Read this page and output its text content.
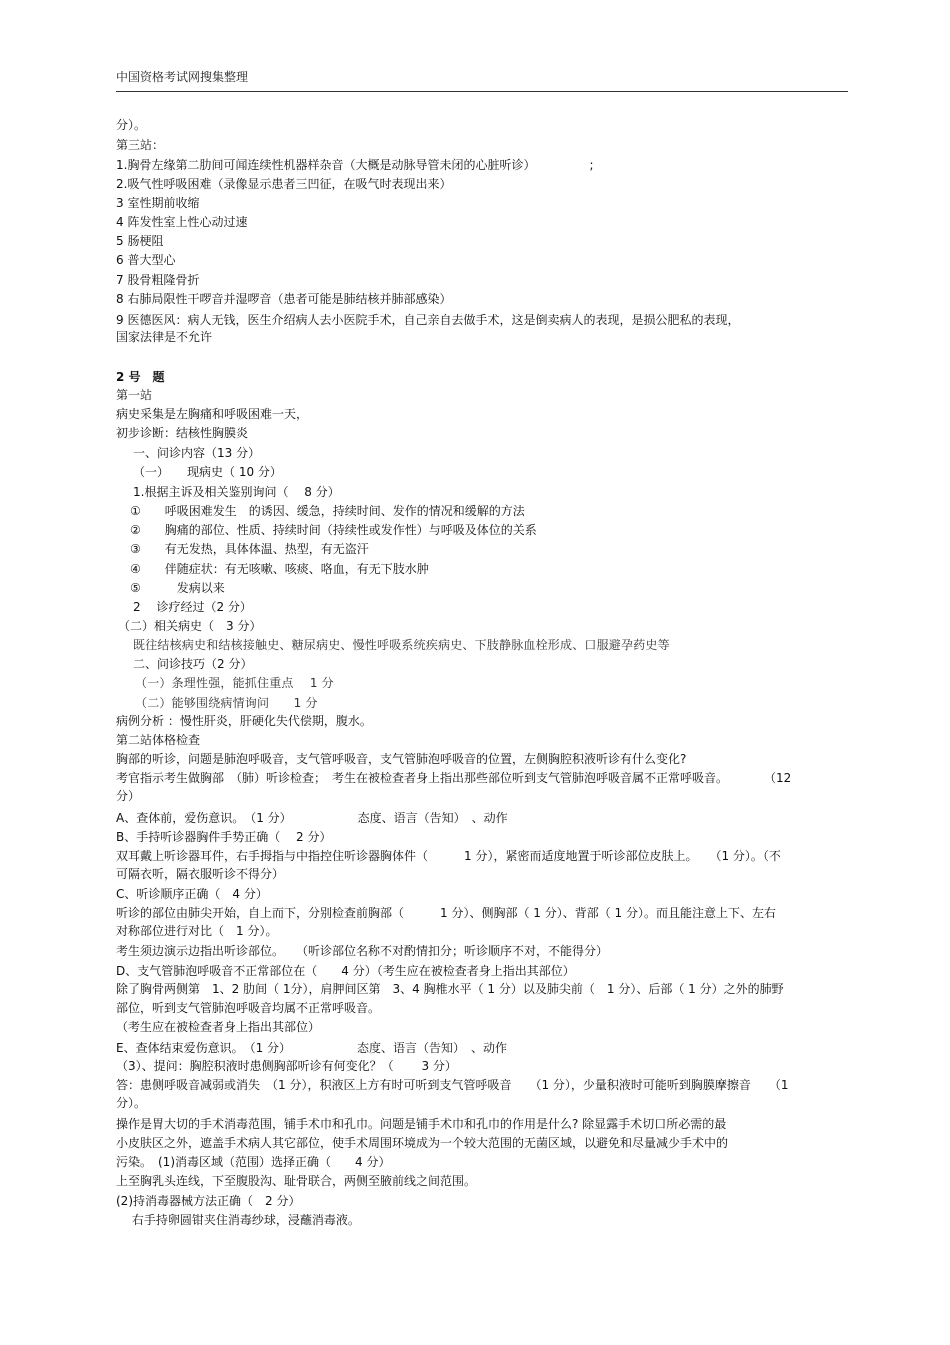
中国资格考试网搜集整理
分）。
第三站：
1.胸骨左缘第二肋间可闻连续性机器样杂音（大概是动脉导管未闭的心脏听诊）　　　　　;
2.吸气性呼吸困难（录像显示患者三凹征，在吸气时表现出来）
3 室性期前收缩
4 阵发性室上性心动过速
5 肠梗阻
6 普大型心
7 股骨粗隆骨折
8 右肺局限性干啰音并湿啰音（患者可能是肺结核并肺部感染）
9 医德医风：病人无钱，医生介绍病人去小医院手术，自己亲自去做手术，这是倒卖病人的表现，是损公肥私的表现，
国家法律是不允许
2 号　题
第一站
病史采集是左胸痛和呼吸困难一天，
初步诊断：结核性胸膜炎
一、问诊内容（13 分）
（一）　　现病史（ 10 分）
1.根据主诉及相关鉴别询问（　 8 分）
①　　呼吸困难发生　的诱因、缓急，持续时间、发作的情况和缓解的方法
②　　胸痛的部位、性质、持续时间（持续性或发作性）与呼吸及体位的关系
③　　有无发热，具体体温、热型，有无盗汗
④　　伴随症状：有无咳嗽、咳痰、咯血，有无下肢水肿
⑤　　　发病以来
2　 诊疗经过（2 分）
（二）相关病史（　3 分）
既往结核病史和结核接触史、糖尿病史、慢性呼吸系统疾病史、下肢静脉血栓形成、口服避孕药史等
二、问诊技巧（2 分）
（一）条理性强，能抓住重点　 1 分
（二）能够围绕病情询问　　1 分
病例分析 ：慢性肝炎，肝硬化失代偿期，腹水。
第二站体格检查
胸部的听诊，问题是肺泡呼吸音，支气管呼吸音，支气管肺泡呼吸音的位置，左侧胸腔积液听诊有什么变化?
考官指示考生做胸部　（肺）听诊检查；　考生在被检查者身上指出那些部位听到支气管肺泡呼吸音属不正常呼吸音。　　　　（12
分）
A、查体前，爱伤意识。　（1 分）　　　　　　态度、语言（告知）　、动作
B、手持听诊器胸件手势正确（　 2 分）
双耳戴上听诊器耳件，右手拇指与中指控住听诊器胸体件（　　　1 分），紧密而适度地置于听诊部位皮肤上。　　（1 分）。（不
可隔衣听，隔衣服听诊不得分）
C、听诊顺序正确（　4 分）
听诊的部位由肺尖开始，自上而下，分别检查前胸部（　　　1 分）、侧胸部（ 1 分）、背部（ 1 分）。而且能注意上下、左右
对称部位进行对比（　1 分）。
考生须边演示边指出听诊部位。　　（听诊部位名称不对酌情扣分；听诊顺序不对，不能得分）
D、支气管肺泡呼吸音不正常部位在（　　4 分）（考生应在被检查者身上指出其部位）
除了胸骨两侧第　1、2 肋间（ 1分），肩胛间区第　3、4 胸椎水平（ 1 分）以及肺尖前（　1 分）、后部（ 1 分）之外的肺野
部位，听到支气管肺泡呼吸音均属不正常呼吸音。
（考生应在被检查者身上指出其部位）
E、查体结束爱伤意识。　（1 分）　　　　　　态度、语言（告知）　、动作
（3）、提问：胸腔积液时患侧胸部听诊有何变化？（　　 3 分）
答：患侧呼吸音减弱或消失　（1 分），积液区上方有时可听到支气管呼吸音　　（1 分），少量积液时可能听到胸膜摩擦音　　（1
分）。
操作是胃大切的手术消毒范围，铺手术巾和孔巾。问题是铺手术巾和孔巾的作用是什么? 除显露手术切口所必需的最
小皮肤区之外，遮盖手术病人其它部位，使手术周围环境成为一个较大范围的无菌区域，以避免和尽量减少手术中的
污染。　(1)消毒区域（范围）选择正确（　　4 分）
上至胸乳头连线，下至腹股沟、耻骨联合，两侧至腋前线之间范围。
(2)持消毒器械方法正确（　2 分）
　 右手持卵圆钳夹住消毒纱球，浸蘸消毒液。
